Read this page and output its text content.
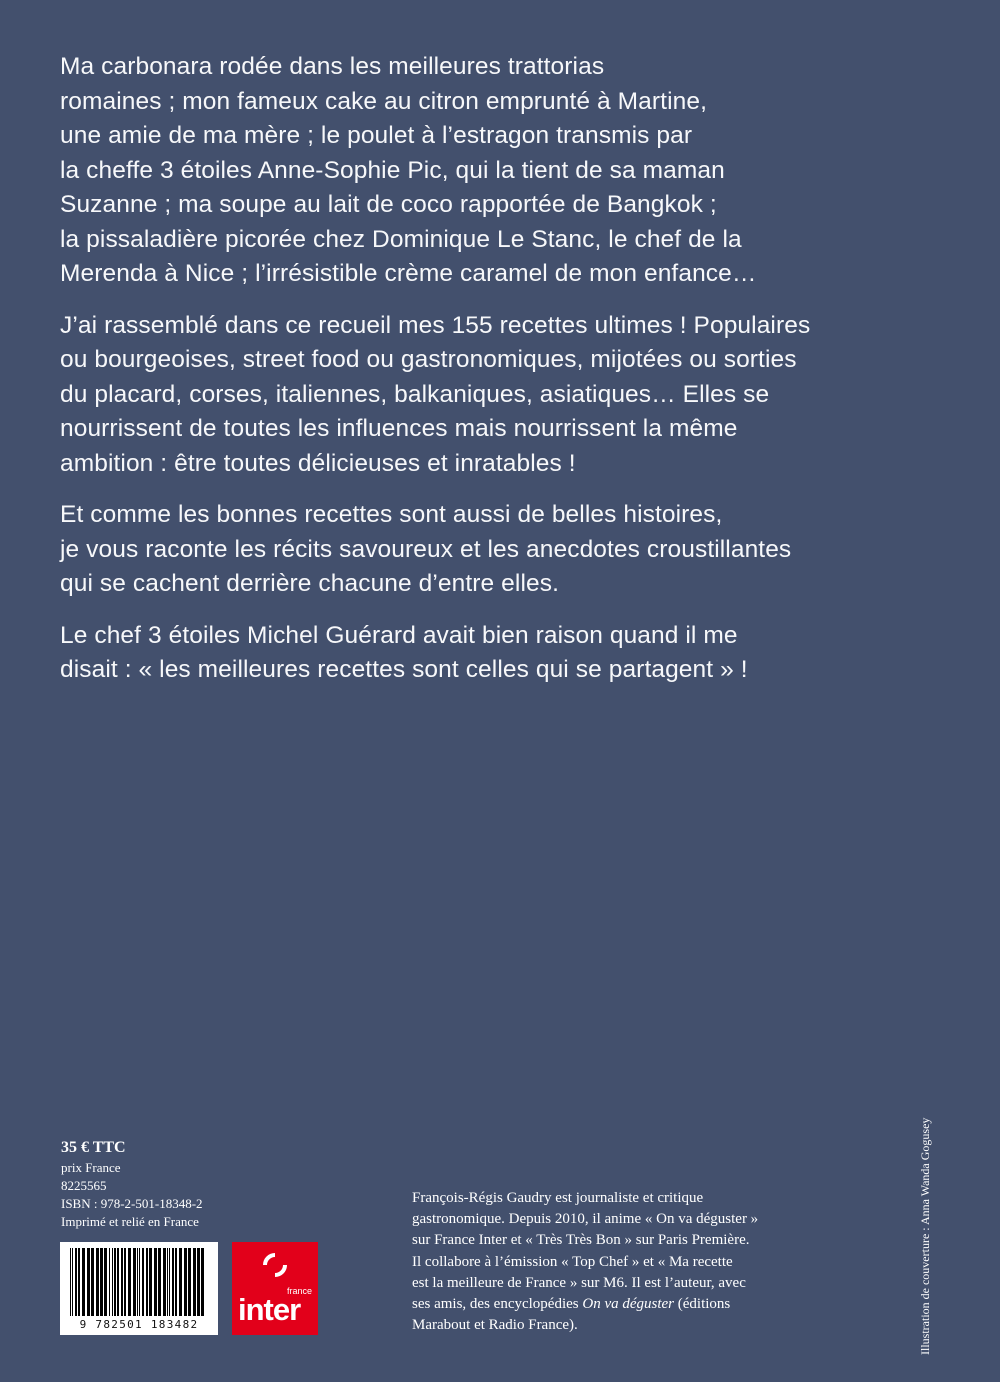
Ma carbonara rodée dans les meilleures trattorias
romaines ; mon fameux cake au citron emprunté à Martine,
une amie de ma mère ; le poulet à l’estragon transmis par
la cheffe 3 étoiles Anne-Sophie Pic, qui la tient de sa maman
Suzanne ; ma soupe au lait de coco rapportée de Bangkok ;
la pissaladière picorée chez Dominique Le Stanc, le chef de la
Merenda à Nice ; l’irrésistible crème caramel de mon enfance…

J’ai rassemblé dans ce recueil mes 155 recettes ultimes ! Populaires
ou bourgeoises, street food ou gastronomiques, mijotées ou sorties
du placard, corses, italiennes, balkaniques, asiatiques… Elles se
nourrissent de toutes les influences mais nourrissent la même
ambition : être toutes délicieuses et inratables !

Et comme les bonnes recettes sont aussi de belles histoires,
je vous raconte les récits savoureux et les anecdotes croustillantes
qui se cachent derrière chacune d’entre elles.

Le chef 3 étoiles Michel Guérard avait bien raison quand il me
disait : « les meilleures recettes sont celles qui se partagent » !

35 € TTC
prix France
8225565
ISBN : 978-2-501-18348-2
Imprimé et relié en France
9 782501 183482
france
inter
François-Régis Gaudry est journaliste et critique
gastronomique. Depuis 2010, il anime « On va déguster »
sur France Inter et « Très Très Bon » sur Paris Première.
Il collabore à l’émission « Top Chef » et « Ma recette
est la meilleure de France » sur M6. Il est l’auteur, avec
ses amis, des encyclopédies On va déguster (éditions
Marabout et Radio France).	Illustration de couverture : Anna Wanda Gogusey
